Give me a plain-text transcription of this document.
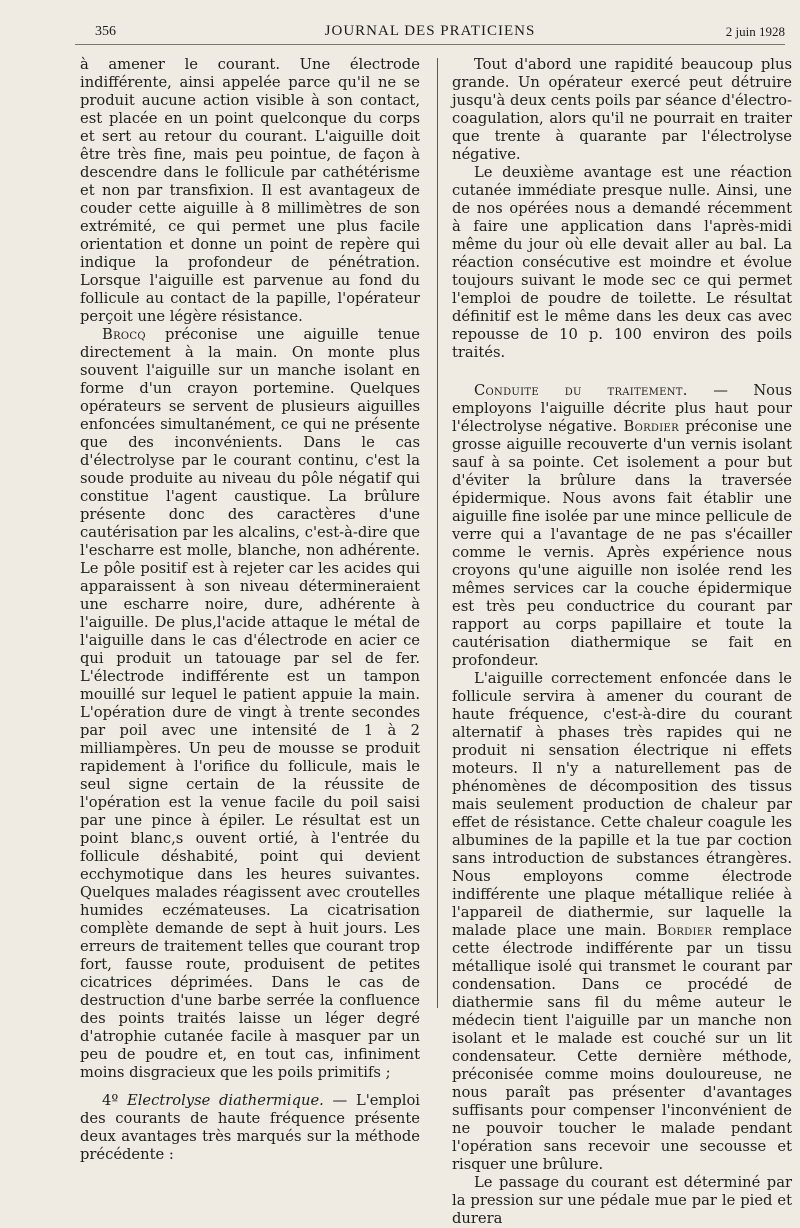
356	JOURNAL DES PRATICIENS	2 juin 1928

à amener le courant. Une électrode indifférente, ainsi appelée parce qu'il ne se produit aucune action visible à son contact, est placée en un point quelconque du corps et sert au retour du courant. L'aiguille doit être très fine, mais peu pointue, de façon à descendre dans le follicule par cathétérisme et non par transfixion. Il est avantageux de couder cette aiguille à 8 millimètres de son extrémité, ce qui permet une plus facile orientation et donne un point de repère qui indique la profondeur de pénétration. Lorsque l'aiguille est parvenue au fond du follicule au contact de la papille, l'opérateur perçoit une légère résistance.

Brocq préconise une aiguille tenue directement à la main. On monte plus souvent l'aiguille sur un manche isolant en forme d'un crayon portemine. Quelques opérateurs se servent de plusieurs aiguilles enfoncées simultanément, ce qui ne présente que des inconvénients. Dans le cas d'électrolyse par le courant continu, c'est la soude produite au niveau du pôle négatif qui constitue l'agent caustique. La brûlure présente donc des caractères d'une cautérisation par les alcalins, c'est-à-dire que l'escharre est molle, blanche, non adhérente. Le pôle positif est à rejeter car les acides qui apparaissent à son niveau détermineraient une escharre noire, dure, adhérente à l'aiguille. De plus,l'acide attaque le métal de l'aiguille dans le cas d'électrode en acier ce qui produit un tatouage par sel de fer. L'électrode indifférente est un tampon mouillé sur lequel le patient appuie la main. L'opération dure de vingt à trente secondes par poil avec une intensité de 1 à 2 milliampères. Un peu de mousse se produit rapidement à l'orifice du follicule, mais le seul signe certain de la réussite de l'opération est la venue facile du poil saisi par une pince à épiler. Le résultat est un point blanc,s ouvent ortié, à l'entrée du follicule déshabité, point qui devient ecchymotique dans les heures suivantes. Quelques malades réagissent avec croutelles humides eczémateuses. La cicatrisation complète demande de sept à huit jours. Les erreurs de traitement telles que courant trop fort, fausse route, produisent de petites cicatrices déprimées. Dans le cas de destruction d'une barbe serrée la confluence des points traités laisse un léger degré d'atrophie cutanée facile à masquer par un peu de poudre et, en tout cas, infiniment moins disgracieux que les poils primitifs ;

4º Electrolyse diathermique. — L'emploi des courants de haute fréquence présente deux avantages très marqués sur la méthode précédente :

Tout d'abord une rapidité beaucoup plus grande. Un opérateur exercé peut détruire jusqu'à deux cents poils par séance d'électro-coagulation, alors qu'il ne pourrait en traiter que trente à quarante par l'électrolyse négative.

Le deuxième avantage est une réaction cutanée immédiate presque nulle. Ainsi, une de nos opérées nous a demandé récemment à faire une application dans l'après-midi même du jour où elle devait aller au bal. La réaction consécutive est moindre et évolue toujours suivant le mode sec ce qui permet l'emploi de poudre de toilette. Le résultat définitif est le même dans les deux cas avec repousse de 10 p. 100 environ des poils traités.

Conduite du traitement. — Nous employons l'aiguille décrite plus haut pour l'électrolyse négative. Bordier préconise une grosse aiguille recouverte d'un vernis isolant sauf à sa pointe. Cet isolement a pour but d'éviter la brûlure dans la traversée épidermique. Nous avons fait établir une aiguille fine isolée par une mince pellicule de verre qui a l'avantage de ne pas s'écailler comme le vernis. Après expérience nous croyons qu'une aiguille non isolée rend les mêmes services car la couche épidermique est très peu conductrice du courant par rapport au corps papillaire et toute la cautérisation diathermique se fait en profondeur.

L'aiguille correctement enfoncée dans le follicule servira à amener du courant de haute fréquence, c'est-à-dire du courant alternatif à phases très rapides qui ne produit ni sensation électrique ni effets moteurs. Il n'y a naturellement pas de phénomènes de décomposition des tissus mais seulement production de chaleur par effet de résistance. Cette chaleur coagule les albumines de la papille et la tue par coction sans introduction de substances étrangères. Nous employons comme électrode indifférente une plaque métallique reliée à l'appareil de diathermie, sur laquelle la malade place une main. Bordier remplace cette électrode indifférente par un tissu métallique isolé qui transmet le courant par condensation. Dans ce procédé de diathermie sans fil du même auteur le médecin tient l'aiguille par un manche non isolant et le malade est couché sur un lit condensateur. Cette dernière méthode, préconisée comme moins douloureuse, ne nous paraît pas présenter d'avantages suffisants pour compenser l'inconvénient de ne pouvoir toucher le malade pendant l'opération sans recevoir une secousse et risquer une brûlure.

Le passage du courant est déterminé par la pression sur une pédale mue par le pied et durera
